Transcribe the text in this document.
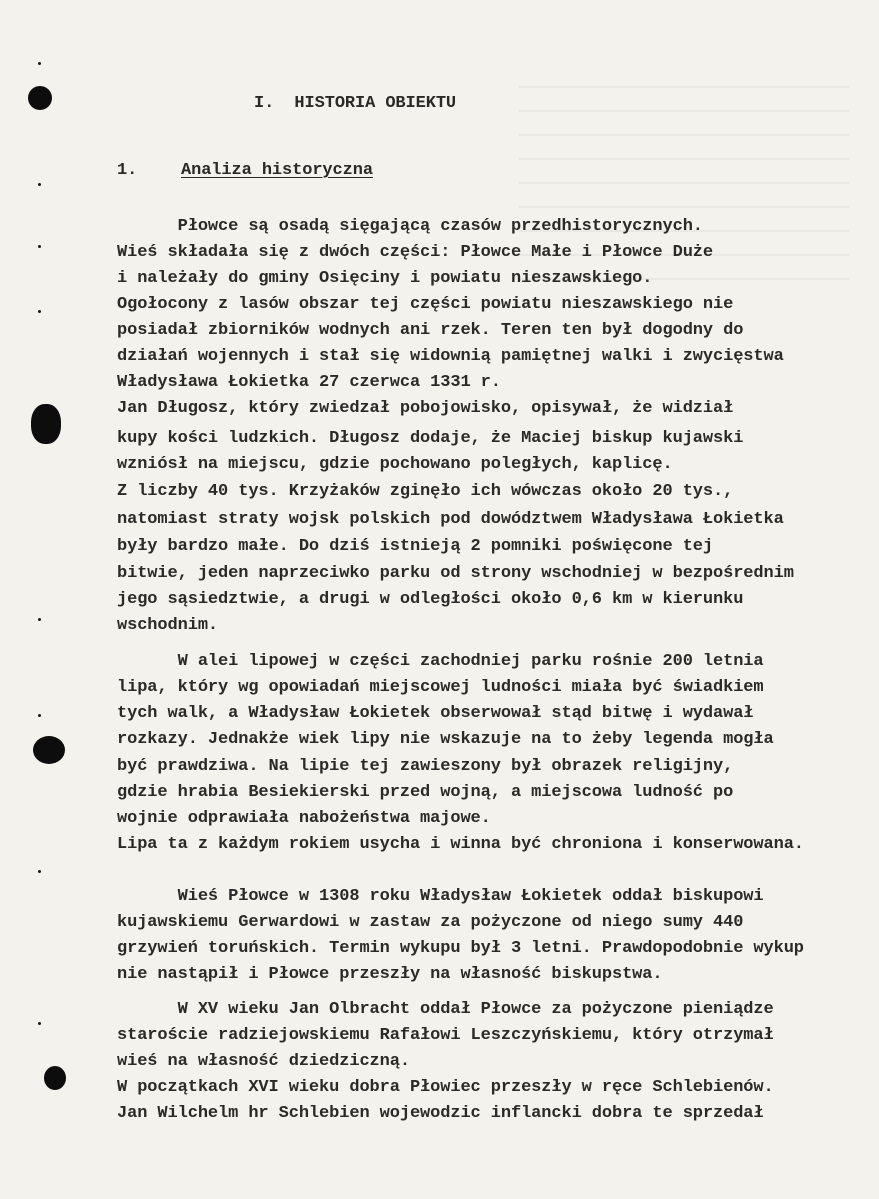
I.  HISTORIA OBIEKTU
1.	Analiza historyczna
Płowce są osadą sięgającą czasów przedhistorycznych.
Wieś składała się z dwóch części: Płowce Małe i Płowce Duże
i należały do gminy Osięciny i powiatu nieszawskiego.
Ogołocony z lasów obszar tej części powiatu nieszawskiego nie
posiadał zbiorników wodnych ani rzek. Teren ten był dogodny do
działań wojennych i stał się widownią pamiętnej walki i zwycięstwa
Władysława Łokietka 27 czerwca 1331 r.
Jan Długosz, który zwiedzał pobojowisko, opisywał, że widział
kupy kości ludzkich. Długosz dodaje, że Maciej biskup kujawski
wzniósł na miejscu, gdzie pochowano poległych, kaplicę.
Z liczby 40 tys. Krzyżaków zginęło ich wówczas około 20 tys.,
natomiast straty wojsk polskich pod dowództwem Władysława Łokietka
były bardzo małe. Do dziś istnieją 2 pomniki poświęcone tej
bitwie, jeden naprzeciwko parku od strony wschodniej w bezpośrednim
jego sąsiedztwie, a drugi w odległości około 0,6 km w kierunku
wschodnim.
W alei lipowej w części zachodniej parku rośnie 200 letnia
lipa, który wg opowiadań miejscowej ludności miała być świadkiem
tych walk, a Władysław Łokietek obserwował stąd bitwę i wydawał
rozkazy. Jednakże wiek lipy nie wskazuje na to żeby legenda mogła
być prawdziwa. Na lipie tej zawieszony był obrazek religijny,
gdzie hrabia Besiekierski przed wojną, a miejscowa ludność po
wojnie odprawiała nabożeństwa majowe.
Lipa ta z każdym rokiem usycha i winna być chroniona i konserwowana.
Wieś Płowce w 1308 roku Władysław Łokietek oddał biskupowi
kujawskiemu Gerwardowi w zastaw za pożyczone od niego sumy 440
grzywień toruńskich. Termin wykupu był 3 letni. Prawdopodobnie wykup
nie nastąpił i Płowce przeszły na własność biskupstwa.
W XV wieku Jan Olbracht oddał Płowce za pożyczone pieniądze
staroście radziejowskiemu Rafałowi Leszczyńskiemu, który otrzymał
wieś na własność dziedziczną.
W początkach XVI wieku dobra Płowiec przeszły w ręce Schlebienów.
Jan Wilchelm hr Schlebien wojewodzic inflancki dobra te sprzedał
